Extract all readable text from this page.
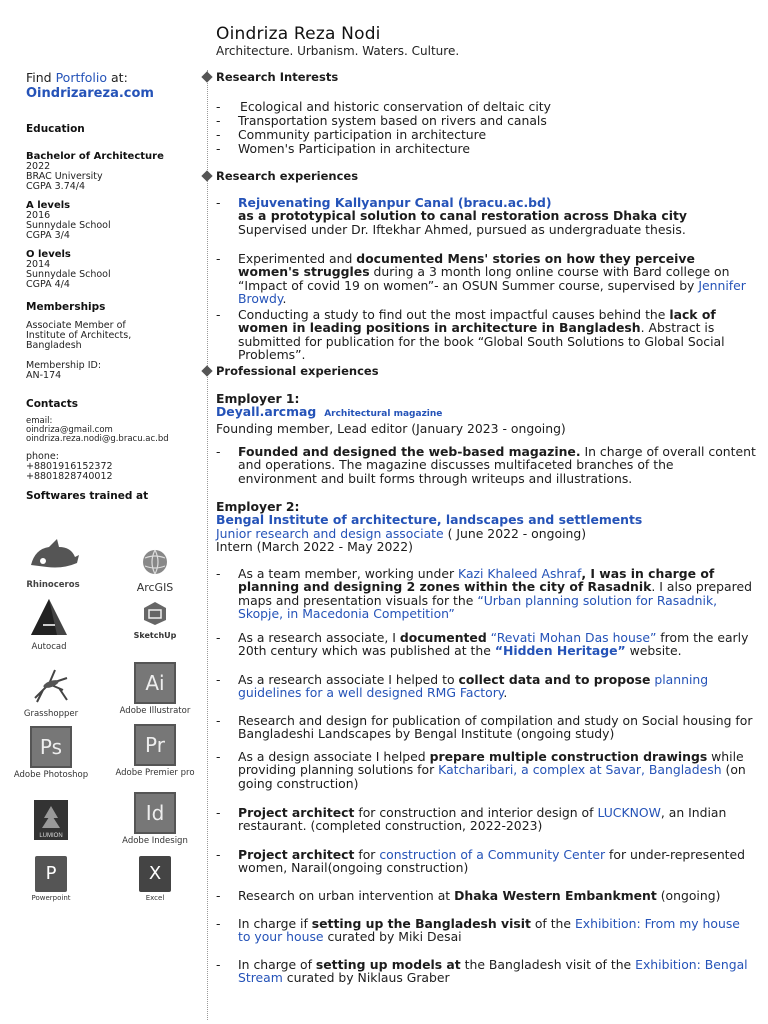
Oindriza Reza Nodi
Architecture. Urbanism. Waters. Culture.
Find Portfolio at:
Oindrizareza.com
Education
Bachelor of Architecture
2022
BRAC University
CGPA 3.74/4
A levels
2016
Sunnydale School
CGPA 3/4
O levels
2014
Sunnydale School
CGPA 4/4
Memberships
Associate Member of
Institute of Architects,
Bangladesh
Membership ID:
AN-174
Contacts
email:
oindriza@gmail.com
oindriza.reza.nodi@g.bracu.ac.bd
phone:
+8801916152372
+8801828740012
Softwares trained at
Rhinoceros	ArcGIS
Autocad
SketchUp
Grasshopper
Ai
Adobe Illustrator
Ps
Adobe Photoshop
Pr
Adobe Premier pro
LUMION
Id
Adobe Indesign
P
Powerpoint
X
Excel
Research Interests
- Ecological and historic conservation of deltaic city
- Transportation system based on rivers and canals
- Community participation in architecture
- Women's Participation in architecture
Research experiences
- Rejuvenating Kallyanpur Canal (bracu.ac.bd)
as a prototypical solution to canal restoration across Dhaka city
Supervised under Dr. Iftekhar Ahmed, pursued as undergraduate thesis.
- Experimented and documented Mens' stories on how they perceive women's struggles during a 3 month long online course with Bard college on “Impact of covid 19 on women”- an OSUN Summer course, supervised by Jennifer Browdy.
- Conducting a study to find out the most impactful causes behind the lack of women in leading positions in architecture in Bangladesh. Abstract is submitted for publication for the book “Global South Solutions to Global Social Problems”.
Professional experiences
Employer 1:
Deyall.arcmag Architectural magazine
Founding member, Lead editor (January 2023 - ongoing)
- Founded and designed the web-based magazine. In charge of overall content and operations. The magazine discusses multifaceted branches of the environment and built forms through writeups and illustrations.
Employer 2:
Bengal Institute of architecture, landscapes and settlements
Junior research and design associate ( June 2022 - ongoing)
Intern (March 2022 - May 2022)
- As a team member, working under Kazi Khaleed Ashraf, I was in charge of planning and designing 2 zones within the city of Rasadnik. I also prepared maps and presentation visuals for the “Urban planning solution for Rasadnik, Skopje, in Macedonia Competition”
- As a research associate, I documented “Revati Mohan Das house” from the early 20th century which was published at the “Hidden Heritage” website.
- As a research associate I helped to collect data and to propose planning guidelines for a well designed RMG Factory.
- Research and design for publication of compilation and study on Social housing for Bangladeshi Landscapes by Bengal Institute (ongoing study)
- As a design associate I helped prepare multiple construction drawings while providing planning solutions for Katcharibari, a complex at Savar, Bangladesh (on going construction)
- Project architect for construction and interior design of LUCKNOW, an Indian restaurant. (completed construction, 2022-2023)
- Project architect for construction of a Community Center for under-represented women, Narail(ongoing construction)
- Research on urban intervention at Dhaka Western Embankment (ongoing)
- In charge if setting up the Bangladesh visit of the Exhibition: From my house to your house curated by Miki Desai
- In charge of setting up models at the Bangladesh visit of the Exhibition: Bengal Stream curated by Niklaus Graber
